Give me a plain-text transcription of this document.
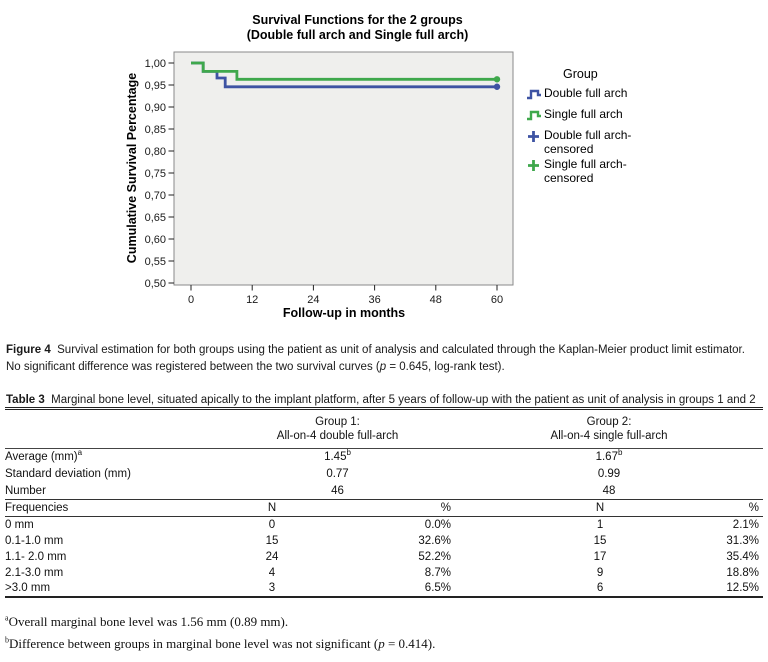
1,00
0,95
0,90
0,85
0,80
0,75
0,70
0,65
0,60
0,55
0,50
0	12	24	36	48	60
Cumulative Survival Percentage
Follow-up in months
Survival Functions for the 2 groups
(Double full arch and Single full arch)
Group
Double full arch
Single full arch
Double full arch-
censored
Single full arch-
censored

Figure 4 Survival estimation for both groups using the patient as unit of analysis and calculated through the Kaplan-Meier product limit estimator. No significant difference was registered between the two survival curves (p = 0.645, log-rank test).

Table 3 Marginal bone level, situated apically to the implant platform, after 5 years of follow-up with the patient as unit of analysis in groups 1 and 2

	Group 1:
All-on-4 double full-arch		Group 2:
All-on-4 single full-arch	
Average (mm)$^a$	1.45$^b$		1.67$^b$
Standard deviation (mm)	0.77		0.99	
Number	46		48	
Frequencies	N	%	N	%
0 mm	0	0.0%	1	2.1%
0.1-1.0 mm	15	32.6%	15	31.3%
1.1- 2.0 mm	24	52.2%	17	35.4%
2.1-3.0 mm	4	8.7%	9	18.8%
>3.0 mm	3	6.5%	6	12.5%
$^a$Overall marginal bone level was 1.56 mm (0.89 mm).
$^b$Difference between groups in marginal bone level was not significant (p = 0.414).
